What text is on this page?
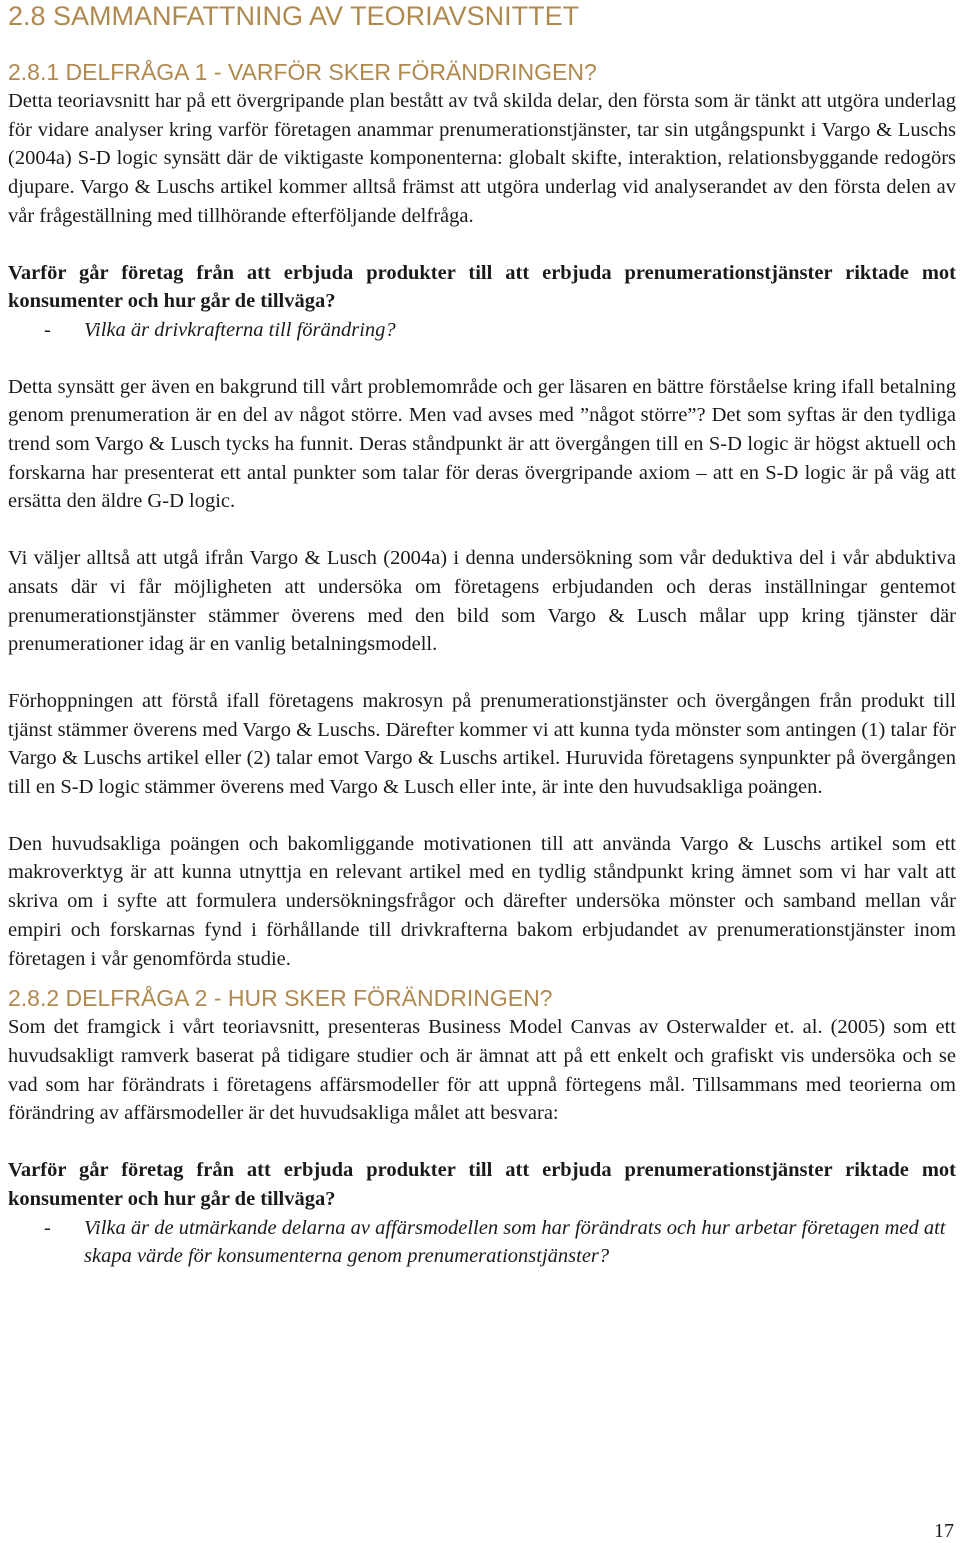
2.8 SAMMANFATTNING AV TEORIAVSNITTET
2.8.1 DELFRÅGA 1 - VARFÖR SKER FÖRÄNDRINGEN?

Detta teoriavsnitt har på ett övergripande plan bestått av två skilda delar, den första som är tänkt att utgöra underlag för vidare analyser kring varför företagen anammar prenumerationstjänster, tar sin utgångspunkt i Vargo & Luschs (2004a) S-D logic synsätt där de viktigaste komponenterna: globalt skifte, interaktion, relationsbyggande redogörs djupare. Vargo & Luschs artikel kommer alltså främst att utgöra underlag vid analyserandet av den första delen av vår frågeställning med tillhörande efterföljande delfråga.

Varför går företag från att erbjuda produkter till att erbjuda prenumerationstjänster riktade mot konsumenter och hur går de tillväga?

- Vilka är drivkrafterna till förändring?

Detta synsätt ger även en bakgrund till vårt problemområde och ger läsaren en bättre förståelse kring ifall betalning genom prenumeration är en del av något större. Men vad avses med ”något större”? Det som syftas är den tydliga trend som Vargo & Lusch tycks ha funnit. Deras ståndpunkt är att övergången till en S-D logic är högst aktuell och forskarna har presenterat ett antal punkter som talar för deras övergripande axiom – att en S-D logic är på väg att ersätta den äldre G-D logic.

Vi väljer alltså att utgå ifrån Vargo & Lusch (2004a) i denna undersökning som vår deduktiva del i vår abduktiva ansats där vi får möjligheten att undersöka om företagens erbjudanden och deras inställningar gentemot prenumerationstjänster stämmer överens med den bild som Vargo & Lusch målar upp kring tjänster där prenumerationer idag är en vanlig betalningsmodell.

Förhoppningen att förstå ifall företagens makrosyn på prenumerationstjänster och övergången från produkt till tjänst stämmer överens med Vargo & Luschs. Därefter kommer vi att kunna tyda mönster som antingen (1) talar för Vargo & Luschs artikel eller (2) talar emot Vargo & Luschs artikel. Huruvida företagens synpunkter på övergången till en S-D logic stämmer överens med Vargo & Lusch eller inte, är inte den huvudsakliga poängen.

Den huvudsakliga poängen och bakomliggande motivationen till att använda Vargo & Luschs artikel som ett makroverktyg är att kunna utnyttja en relevant artikel med en tydlig ståndpunkt kring ämnet som vi har valt att skriva om i syfte att formulera undersökningsfrågor och därefter undersöka mönster och samband mellan vår empiri och forskarnas fynd i förhållande till drivkrafterna bakom erbjudandet av prenumerationstjänster inom företagen i vår genomförda studie.

2.8.2 DELFRÅGA 2 - HUR SKER FÖRÄNDRINGEN?

Som det framgick i vårt teoriavsnitt, presenteras Business Model Canvas av Osterwalder et. al. (2005) som ett huvudsakligt ramverk baserat på tidigare studier och är ämnat att på ett enkelt och grafiskt vis undersöka och se vad som har förändrats i företagens affärsmodeller för att uppnå förtegens mål. Tillsammans med teorierna om förändring av affärsmodeller är det huvudsakliga målet att besvara:

Varför går företag från att erbjuda produkter till att erbjuda prenumerationstjänster riktade mot konsumenter och hur går de tillväga?

- Vilka är de utmärkande delarna av affärsmodellen som har förändrats och hur arbetar företagen med att skapa värde för konsumenterna genom prenumerationstjänster?
17
